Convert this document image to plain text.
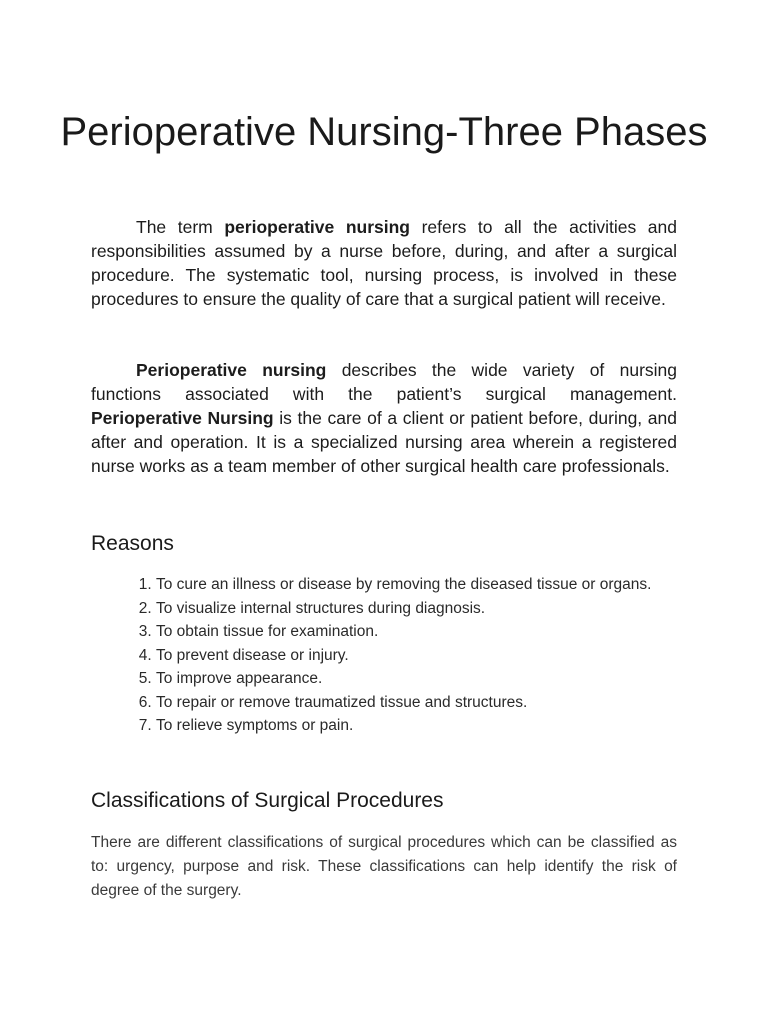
Perioperative Nursing-Three Phases

The term perioperative nursing refers to all the activities and responsibilities assumed by a nurse before, during, and after a surgical procedure. The systematic tool, nursing process, is involved in these procedures to ensure the quality of care that a surgical patient will receive.

Perioperative nursing describes the wide variety of nursing functions associated with the patient’s surgical management. Perioperative Nursing is the care of a client or patient before, during, and after and operation. It is a specialized nursing area wherein a registered nurse works as a team member of other surgical health care professionals.

Reasons
1. To cure an illness or disease by removing the diseased tissue or organs.
2. To visualize internal structures during diagnosis.
3. To obtain tissue for examination.
4. To prevent disease or injury.
5. To improve appearance.
6. To repair or remove traumatized tissue and structures.
7. To relieve symptoms or pain.
Classifications of Surgical Procedures

There are different classifications of surgical procedures which can be classified as to: urgency, purpose and risk. These classifications can help identify the risk of degree of the surgery.
